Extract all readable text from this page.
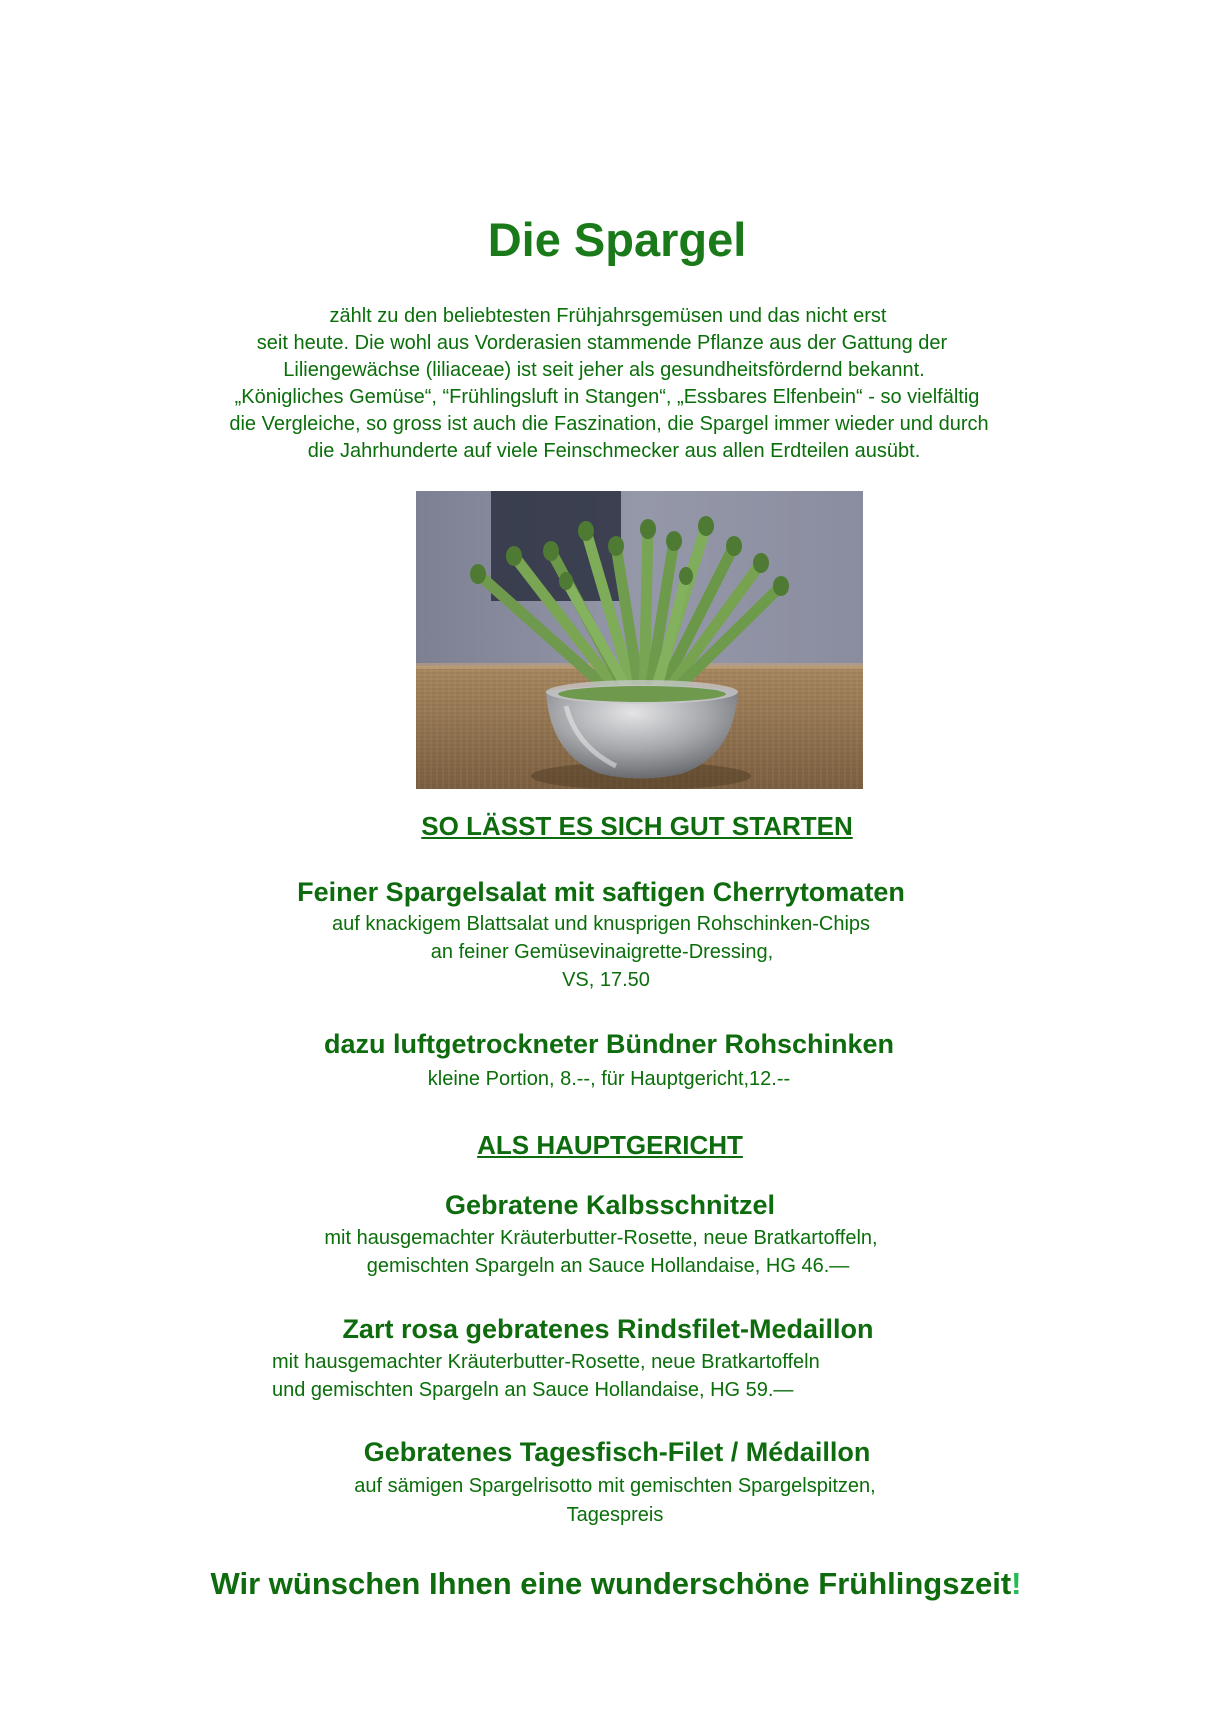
Die Spargel
zählt zu den beliebtesten Frühjahrsgemüsen und das nicht erst
seit heute. Die wohl aus Vorderasien stammende Pflanze aus der Gattung der
Liliengewächse (liliaceae) ist seit jeher als gesundheitsfördernd bekannt.
„Königliches Gemüse“, “Frühlingsluft in Stangen“, „Essbares Elfenbein“ - so vielfältig
die Vergleiche, so gross ist auch die Faszination, die Spargel immer wieder und durch
die Jahrhunderte auf viele Feinschmecker aus allen Erdteilen ausübt.
SO LÄSST ES SICH GUT STARTEN
Feiner Spargelsalat mit saftigen Cherrytomaten
auf knackigem Blattsalat und knusprigen Rohschinken-Chips
an feiner Gemüsevinaigrette-Dressing,
VS, 17.50
dazu luftgetrockneter Bündner Rohschinken
kleine Portion, 8.--, für Hauptgericht,12.--
ALS HAUPTGERICHT
Gebratene Kalbsschnitzel
mit hausgemachter Kräuterbutter-Rosette, neue Bratkartoffeln,
gemischten Spargeln an Sauce Hollandaise, HG 46.—
Zart rosa gebratenes Rindsfilet-Medaillon
mit hausgemachter Kräuterbutter-Rosette, neue Bratkartoffeln
und gemischten Spargeln an Sauce Hollandaise, HG 59.—
Gebratenes Tagesfisch-Filet / Médaillon
auf sämigen Spargelrisotto mit gemischten Spargelspitzen,
Tagespreis
Wir wünschen Ihnen eine wunderschöne Frühlingszeit!
